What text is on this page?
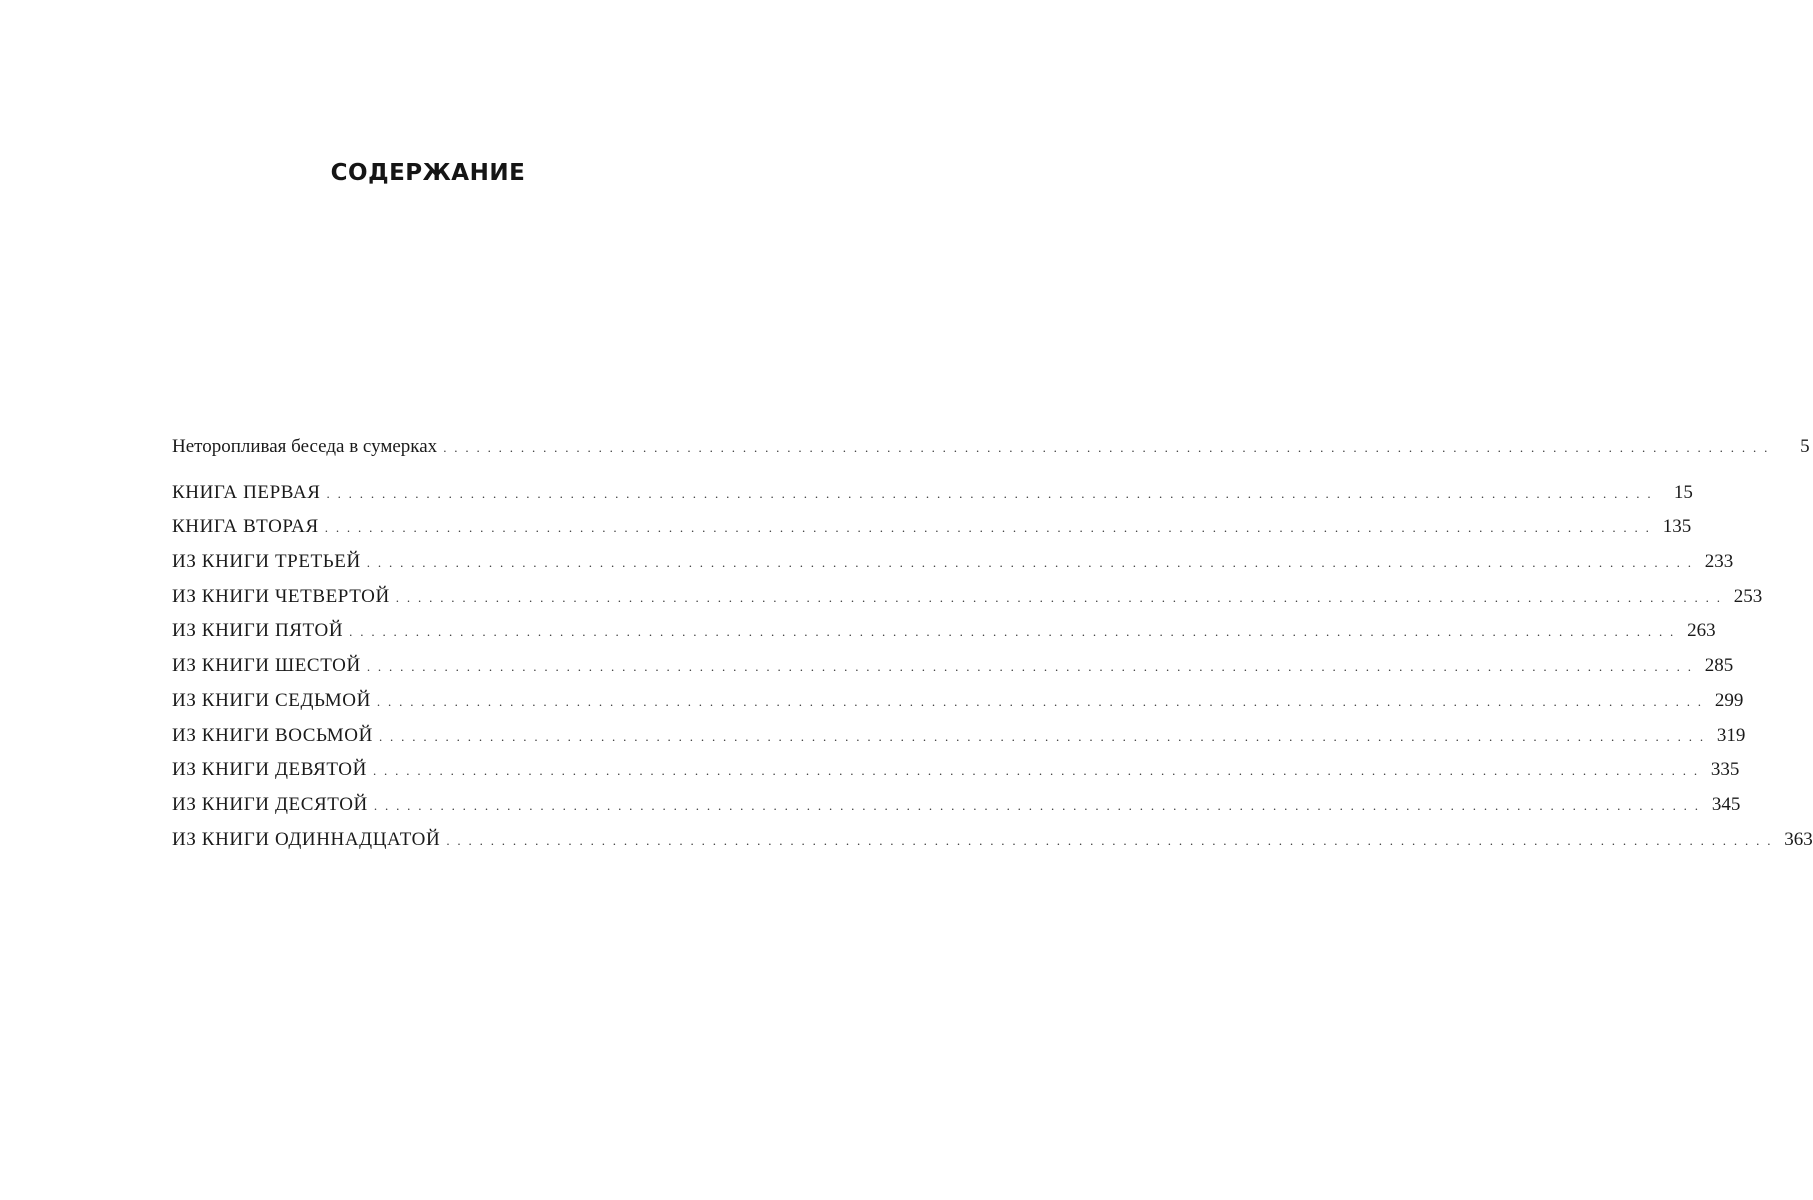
СОДЕРЖАНИЕ
Неторопливая беседа в сумерках . . . . . . . . . . . . . . . . . . . . . . . . . . . . . . . . . . . . . . . . . . . . . . . . . . . . . . . . . . . . . . . . . . . . . . . . . . . . . . . . . . . . . . . . . . . . . . . . . . . . . . . . . . . . . . . . . . . . . . . .	5
КНИГА ПЕРВАЯ . . . . . . . . . . . . . . . . . . . . . . . . . . . . . . . . . . . . . . . . . . . . . . . . . . . . . . . . . . . . . . . . . . . . . . . . . . . . . . . . . . . . . . . . . . . . . . . . . . . . . . . . . . . . . . . . . . . . . . . .	15
КНИГА ВТОРАЯ . . . . . . . . . . . . . . . . . . . . . . . . . . . . . . . . . . . . . . . . . . . . . . . . . . . . . . . . . . . . . . . . . . . . . . . . . . . . . . . . . . . . . . . . . . . . . . . . . . . . . . . . . . . . . . . . . . . . . . . . 135
ИЗ КНИГИ ТРЕТЬЕЙ . . . . . . . . . . . . . . . . . . . . . . . . . . . . . . . . . . . . . . . . . . . . . . . . . . . . . . . . . . . . . . . . . . . . . . . . . . . . . . . . . . . . . . . . . . . . . . . . . . . . . . . . . . . . . . . . . . . . . . . . 233
ИЗ КНИГИ ЧЕТВЕРТОЙ . . . . . . . . . . . . . . . . . . . . . . . . . . . . . . . . . . . . . . . . . . . . . . . . . . . . . . . . . . . . . . . . . . . . . . . . . . . . . . . . . . . . . . . . . . . . . . . . . . . . . . . . . . . . . . . . . . . . . . . . 253
ИЗ КНИГИ ПЯТОЙ . . . . . . . . . . . . . . . . . . . . . . . . . . . . . . . . . . . . . . . . . . . . . . . . . . . . . . . . . . . . . . . . . . . . . . . . . . . . . . . . . . . . . . . . . . . . . . . . . . . . . . . . . . . . . . . . . . . . . . . . 263
ИЗ КНИГИ ШЕСТОЙ . . . . . . . . . . . . . . . . . . . . . . . . . . . . . . . . . . . . . . . . . . . . . . . . . . . . . . . . . . . . . . . . . . . . . . . . . . . . . . . . . . . . . . . . . . . . . . . . . . . . . . . . . . . . . . . . . . . . . . . . 285
ИЗ КНИГИ СЕДЬМОЙ . . . . . . . . . . . . . . . . . . . . . . . . . . . . . . . . . . . . . . . . . . . . . . . . . . . . . . . . . . . . . . . . . . . . . . . . . . . . . . . . . . . . . . . . . . . . . . . . . . . . . . . . . . . . . . . . . . . . . . . . 299
ИЗ КНИГИ ВОСЬМОЙ . . . . . . . . . . . . . . . . . . . . . . . . . . . . . . . . . . . . . . . . . . . . . . . . . . . . . . . . . . . . . . . . . . . . . . . . . . . . . . . . . . . . . . . . . . . . . . . . . . . . . . . . . . . . . . . . . . . . . . . . 319
ИЗ КНИГИ ДЕВЯТОЙ . . . . . . . . . . . . . . . . . . . . . . . . . . . . . . . . . . . . . . . . . . . . . . . . . . . . . . . . . . . . . . . . . . . . . . . . . . . . . . . . . . . . . . . . . . . . . . . . . . . . . . . . . . . . . . . . . . . . . . . . 335
ИЗ КНИГИ ДЕСЯТОЙ . . . . . . . . . . . . . . . . . . . . . . . . . . . . . . . . . . . . . . . . . . . . . . . . . . . . . . . . . . . . . . . . . . . . . . . . . . . . . . . . . . . . . . . . . . . . . . . . . . . . . . . . . . . . . . . . . . . . . . . . 345
ИЗ КНИГИ ОДИННАДЦАТОЙ . . . . . . . . . . . . . . . . . . . . . . . . . . . . . . . . . . . . . . . . . . . . . . . . . . . . . . . . . . . . . . . . . . . . . . . . . . . . . . . . . . . . . . . . . . . . . . . . . . . . . . . . . . . . . . . . . . . . . . . . 363
